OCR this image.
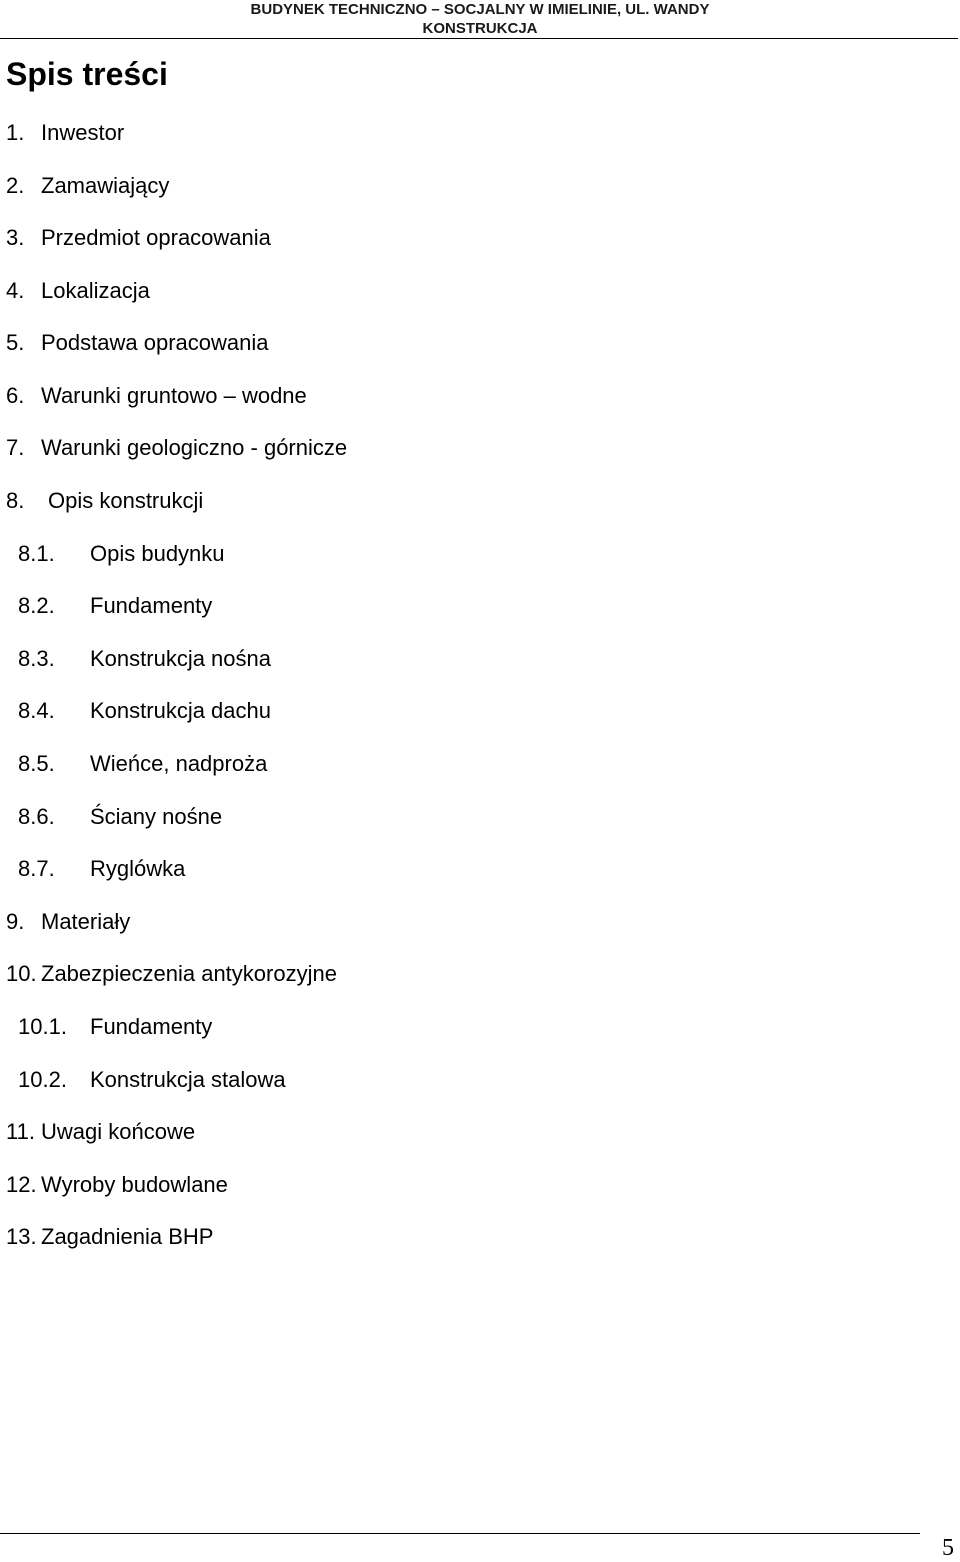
BUDYNEK TECHNICZNO – SOCJALNY W IMIELINIE, UL. WANDY
KONSTRUKCJA
Spis treści
1. Inwestor
2. Zamawiający
3. Przedmiot opracowania
4. Lokalizacja
5. Podstawa opracowania
6. Warunki gruntowo – wodne
7. Warunki geologiczno - górnicze
8. Opis konstrukcji
8.1. Opis budynku
8.2. Fundamenty
8.3. Konstrukcja nośna
8.4. Konstrukcja dachu
8.5. Wieńce, nadproża
8.6. Ściany nośne
8.7. Ryglówka
9. Materiały
10. Zabezpieczenia antykorozyjne
10.1. Fundamenty
10.2. Konstrukcja stalowa
11. Uwagi końcowe
12. Wyroby budowlane
13. Zagadnienia BHP
5
